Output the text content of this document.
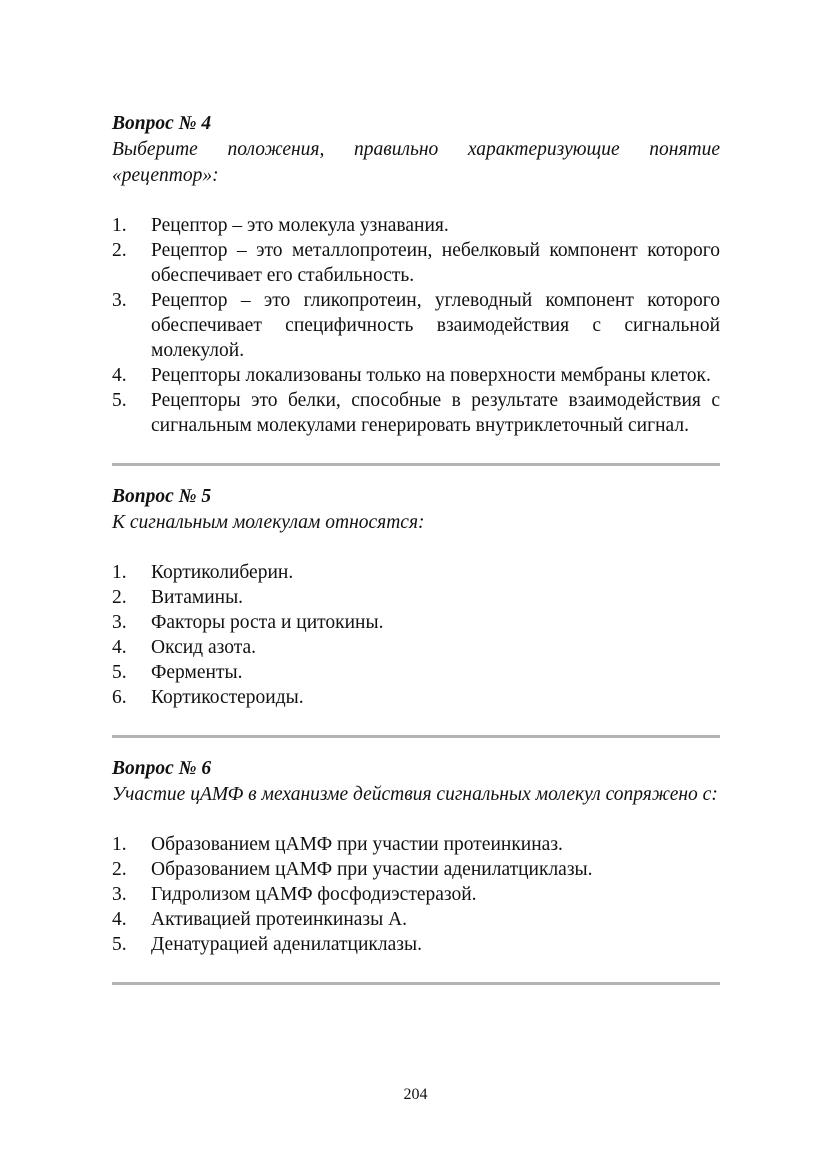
Вопрос № 4

Выберите положения, правильно характеризующие понятие «рецептор»:

1. Рецептор – это молекула узнавания.
2. Рецептор – это металлопротеин, небелковый компонент которого обеспечивает его стабильность.
3. Рецептор – это гликопротеин, углеводный компонент которого обеспечивает специфичность взаимодействия с сигнальной молекулой.
4. Рецепторы локализованы только на поверхности мембраны клеток.
5. Рецепторы это белки, способные в результате взаимодействия с сигнальным молекулами генерировать внутриклеточный сигнал.

Вопрос № 5

К сигнальным молекулам относятся:

1. Кортиколиберин.
2. Витамины.
3. Факторы роста и цитокины.
4. Оксид азота.
5. Ферменты.
6. Кортикостероиды.

Вопрос № 6

Участие цАМФ в механизме действия сигнальных молекул сопряжено с:

1. Образованием цАМФ при участии протеинкиназ.
2. Образованием цАМФ при участии аденилатциклазы.
3. Гидролизом цАМФ фосфодиэстеразой.
4. Активацией протеинкиназы А.
5. Денатурацией аденилатциклазы.
204
